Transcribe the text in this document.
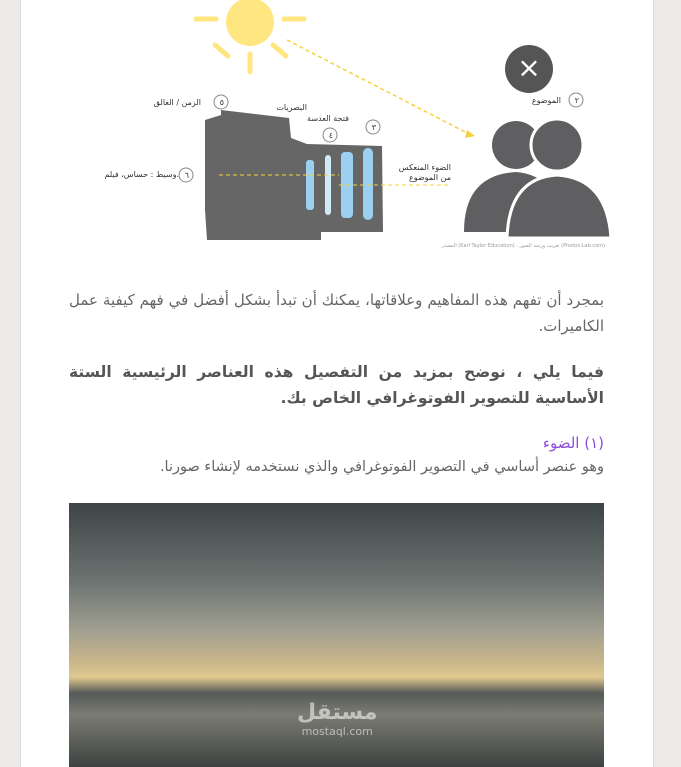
الزمن / الغالق ٥
البصريات
٣
فتحة العدسة
٤
الموضوع ٢
وسيط : حساس، فيلم. ٦
الضوء المنعكس
من الموضوع
المصدر (Karl Taylor Education) ، تعريب ورشة الصور (Photos-Lab.com)
×
بمجرد أن تفهم هذه المفاهيم وعلاقاتها، يمكنك أن تبدأ بشكل أفضل في فهم كيفية عمل الكاميرات.
فيما يلي ، نوضح بمزيد من التفصيل هذه العناصر الرئيسية الستة الأساسية للتصوير الفوتوغرافي الخاص بك.
(١) الضوء
وهو عنصر أساسي في التصوير الفوتوغرافي والذي نستخدمه لإنشاء صورنا.
مستقل
mostaql.com
